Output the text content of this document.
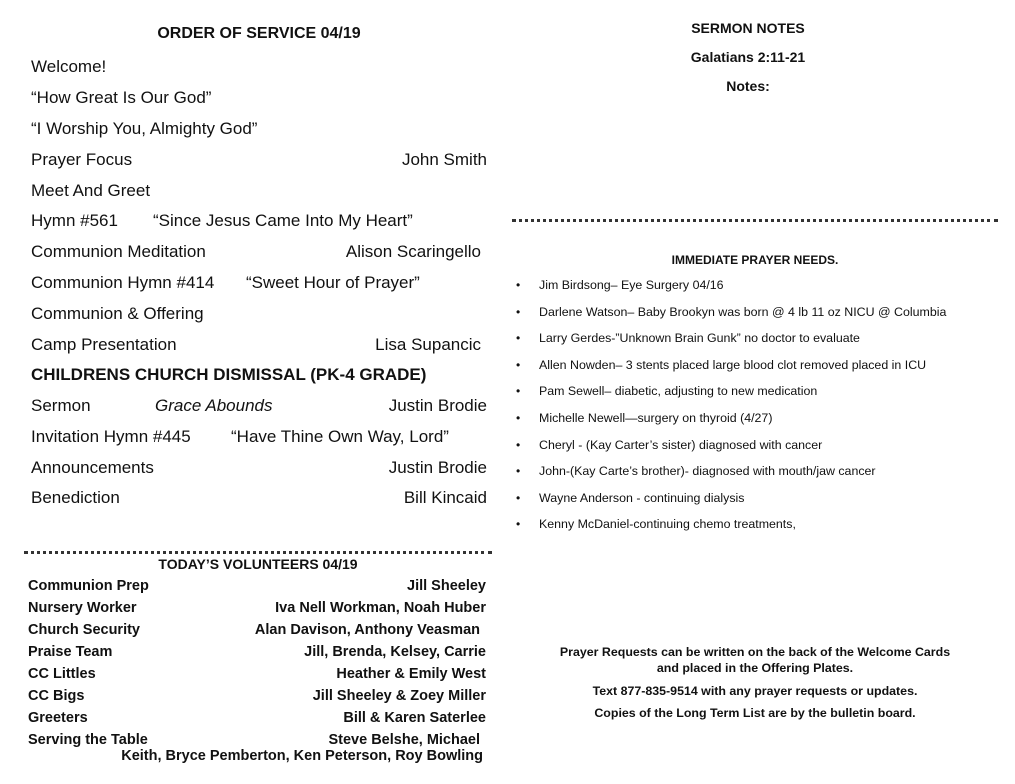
ORDER OF SERVICE 04/19
Welcome!
“How Great Is Our God”
“I Worship You, Almighty God”
Prayer Focus	John Smith
Meet And Greet
Hymn #561 “Since Jesus Came Into My Heart”
Communion Meditation	Alison Scaringello
Communion Hymn #414 “Sweet Hour of Prayer”
Communion & Offering
Camp Presentation	Lisa Supancic
CHILDRENS CHURCH DISMISSAL (PK-4 GRADE)
Sermon	Grace Abounds	Justin Brodie
Invitation Hymn #445 “Have Thine Own Way, Lord”
Announcements	Justin Brodie
Benediction	Bill Kincaid
TODAY’S VOLUNTEERS 04/19
Communion Prep	Jill Sheeley
Nursery Worker	Iva Nell Workman, Noah Huber
Church Security	Alan Davison, Anthony Veasman
Praise Team	Jill, Brenda, Kelsey, Carrie
CC Littles	Heather & Emily West
CC Bigs	Jill Sheeley & Zoey Miller
Greeters	Bill & Karen Saterlee
Serving the Table	Steve Belshe, Michael
Keith, Bryce Pemberton, Ken Peterson, Roy Bowling
SERMON NOTES
Galatians 2:11-21
Notes:
IMMEDIATE PRAYER NEEDS.
• Jim Birdsong– Eye Surgery 04/16
• Darlene Watson– Baby Brookyn was born @ 4 lb 11 oz NICU @ Columbia
• Larry Gerdes-”Unknown Brain Gunk” no doctor to evaluate
• Allen Nowden– 3 stents placed large blood clot removed placed in ICU
• Pam Sewell– diabetic, adjusting to new medication
• Michelle Newell—surgery on thyroid (4/27)
• Cheryl - (Kay Carter’s sister) diagnosed with cancer
• John-(Kay Carte’s brother)- diagnosed with mouth/jaw cancer
• Wayne Anderson - continuing dialysis
• Kenny McDaniel-continuing chemo treatments,
Prayer Requests can be written on the back of the Welcome Cards
and placed in the Offering Plates.
Text 877-835-9514 with any prayer requests or updates.
Copies of the Long Term List are by the bulletin board.
